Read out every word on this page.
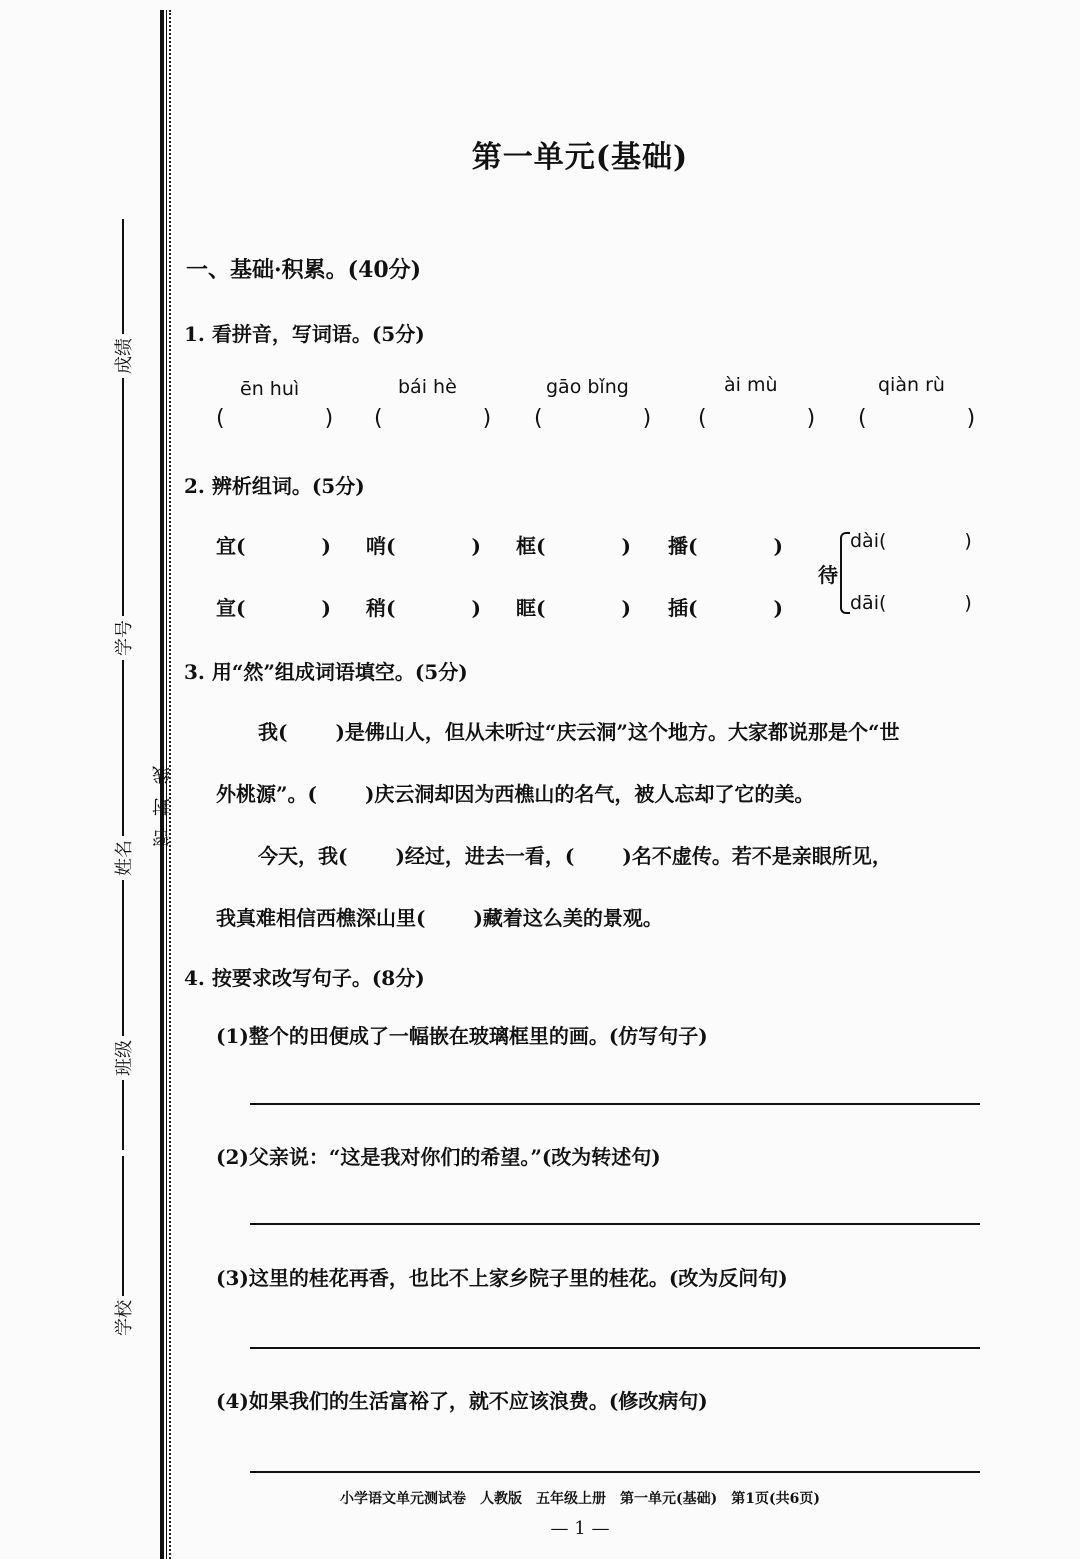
成绩
学号
姓名
班级
学校
密封线
第一单元(基础)
一、基础·积累。(40分)
1. 看拼音，写词语。(5分)
ēn huì	bái hè	gāo bǐng	ài mù	qiàn rù
(	) (	) (	) (	) (	)
2. 辨析组词。(5分)
宜(	) 哨(	) 框(	) 播(	)
宣(	) 稍(	) 眶(	) 插(	)
待
dài(	)
dāi(	)
3. 用“然”组成词语填空。(5分)
我( )是佛山人，但从未听过“庆云洞”这个地方。大家都说那是个“世
外桃源”。( )庆云洞却因为西樵山的名气，被人忘却了它的美。
今天，我( )经过，进去一看，( )名不虚传。若不是亲眼所见，
我真难相信西樵深山里( )藏着这么美的景观。
4. 按要求改写句子。(8分)
(1)整个的田便成了一幅嵌在玻璃框里的画。(仿写句子)
(2)父亲说：“这是我对你们的希望。”(改为转述句)
(3)这里的桂花再香，也比不上家乡院子里的桂花。(改为反问句)
(4)如果我们的生活富裕了，就不应该浪费。(修改病句)
小学语文单元测试卷　人教版　五年级上册　第一单元(基础)　第1页(共6页)
— 1 —
